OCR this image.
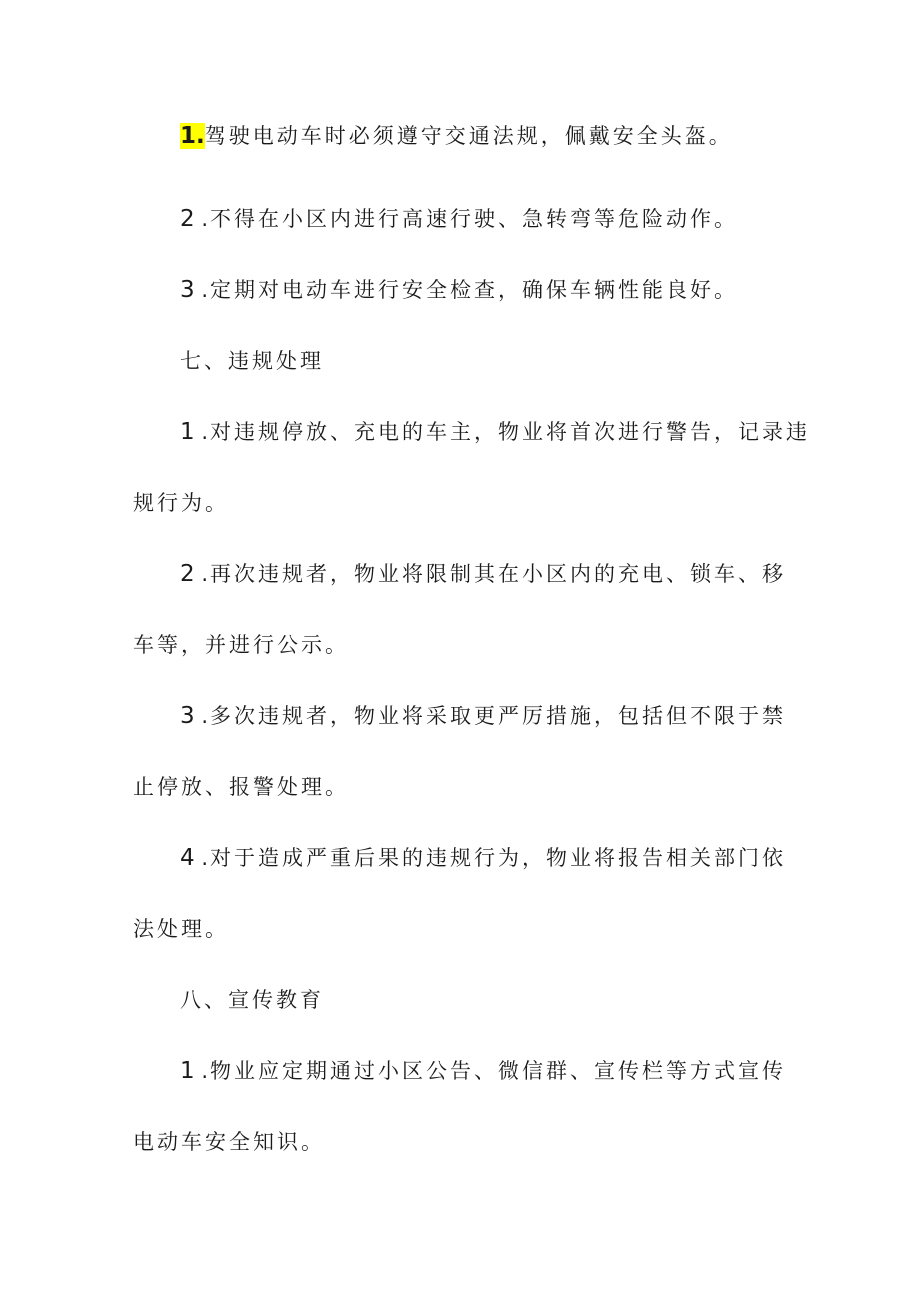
1.驾驶电动车时必须遵守交通法规，佩戴安全头盔。

2 .不得在小区内进行高速行驶、急转弯等危险动作。

3 .定期对电动车进行安全检查，确保车辆性能良好。

七、违规处理

1 .对违规停放、充电的车主，物业将首次进行警告，记录违

规行为。

2 .再次违规者，物业将限制其在小区内的充电、锁车、移

车等，并进行公示。

3 .多次违规者，物业将采取更严厉措施，包括但不限于禁

止停放、报警处理。

4 .对于造成严重后果的违规行为，物业将报告相关部门依

法处理。

八、宣传教育

1 .物业应定期通过小区公告、微信群、宣传栏等方式宣传

电动车安全知识。
